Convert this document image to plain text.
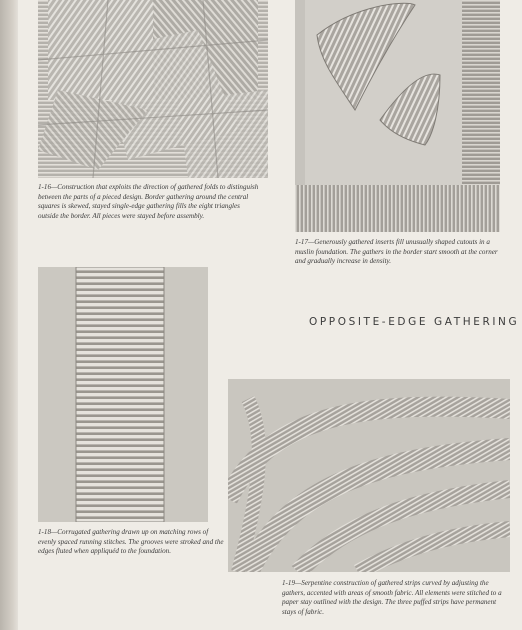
1-16—Construction that exploits the direction of gathered folds to distinguish between the parts of a pieced design. Border gathering around the central squares is skewed, stayed single-edge gathering fills the eight triangles outside the border. All pieces were stayed before assembly.

1-17—Generously gathered inserts fill unusually shaped cutouts in a muslin foundation. The gathers in the border start smooth at the corner and gradually increase in density.

OPPOSITE-EDGE GATHERING

1-18—Corrugated gathering drawn up on matching rows of evenly spaced running stitches. The grooves were stroked and the edges fluted when appliquéd to the foundation.

1-19—Serpentine construction of gathered strips curved by adjusting the gathers, accented with areas of smooth fabric. All elements were stitched to a paper stay outlined with the design. The three puffed strips have permanent stays of fabric.
